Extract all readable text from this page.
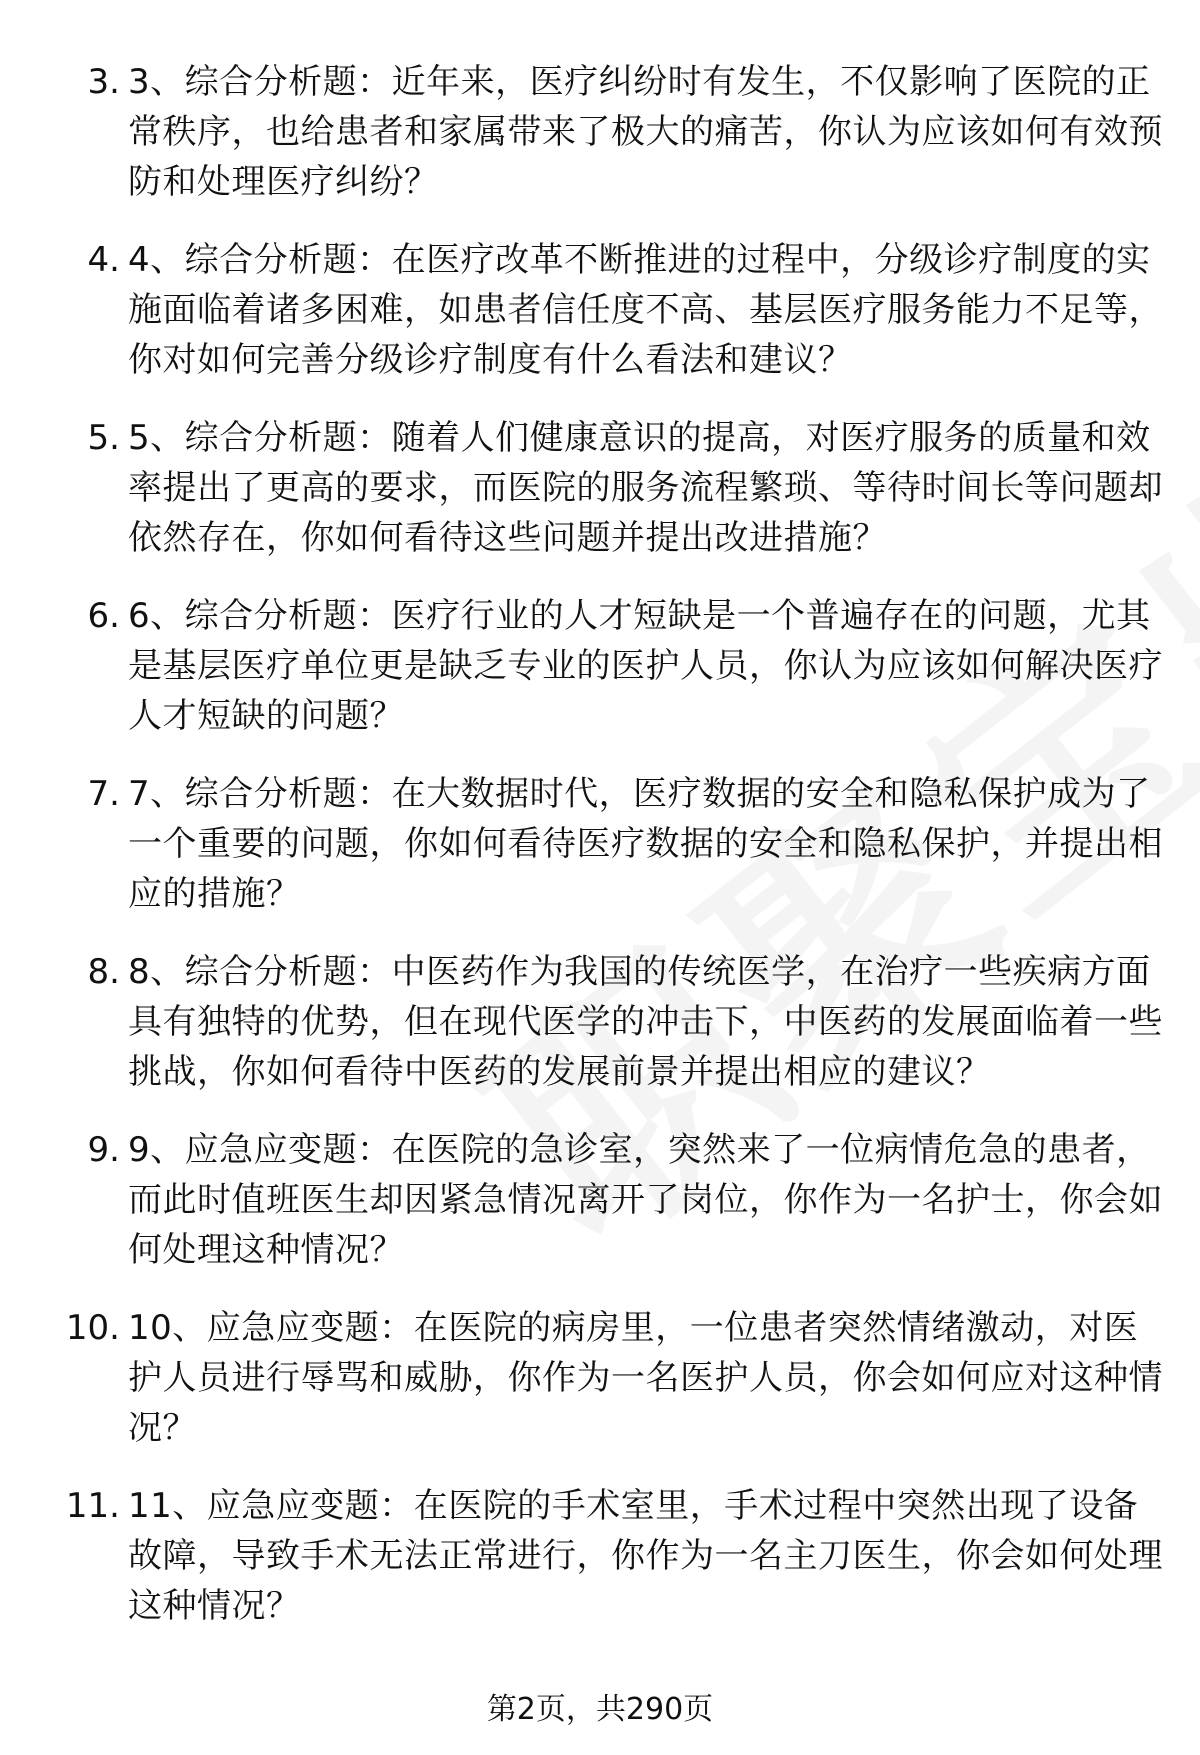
3. 3、综合分析题：近年来，医疗纠纷时有发生，不仅影响了医院的正常秩序，也给患者和家属带来了极大的痛苦，你认为应该如何有效预防和处理医疗纠纷？
4. 4、综合分析题：在医疗改革不断推进的过程中，分级诊疗制度的实施面临着诸多困难，如患者信任度不高、基层医疗服务能力不足等，你对如何完善分级诊疗制度有什么看法和建议？
5. 5、综合分析题：随着人们健康意识的提高，对医疗服务的质量和效率提出了更高的要求，而医院的服务流程繁琐、等待时间长等问题却依然存在，你如何看待这些问题并提出改进措施？
6. 6、综合分析题：医疗行业的人才短缺是一个普遍存在的问题，尤其是基层医疗单位更是缺乏专业的医护人员，你认为应该如何解决医疗人才短缺的问题？
7. 7、综合分析题：在大数据时代，医疗数据的安全和隐私保护成为了一个重要的问题，你如何看待医疗数据的安全和隐私保护，并提出相应的措施？
8. 8、综合分析题：中医药作为我国的传统医学，在治疗一些疾病方面具有独特的优势，但在现代医学的冲击下，中医药的发展面临着一些挑战，你如何看待中医药的发展前景并提出相应的建议？
9. 9、应急应变题：在医院的急诊室，突然来了一位病情危急的患者，而此时值班医生却因紧急情况离开了岗位，你作为一名护士，你会如何处理这种情况？
10. 10、应急应变题：在医院的病房里，一位患者突然情绪激动，对医护人员进行辱骂和威胁，你作为一名医护人员，你会如何应对这种情况？
11. 11、应急应变题：在医院的手术室里，手术过程中突然出现了设备故障，导致手术无法正常进行，你作为一名主刀医生，你会如何处理这种情况？
第2页，共290页
